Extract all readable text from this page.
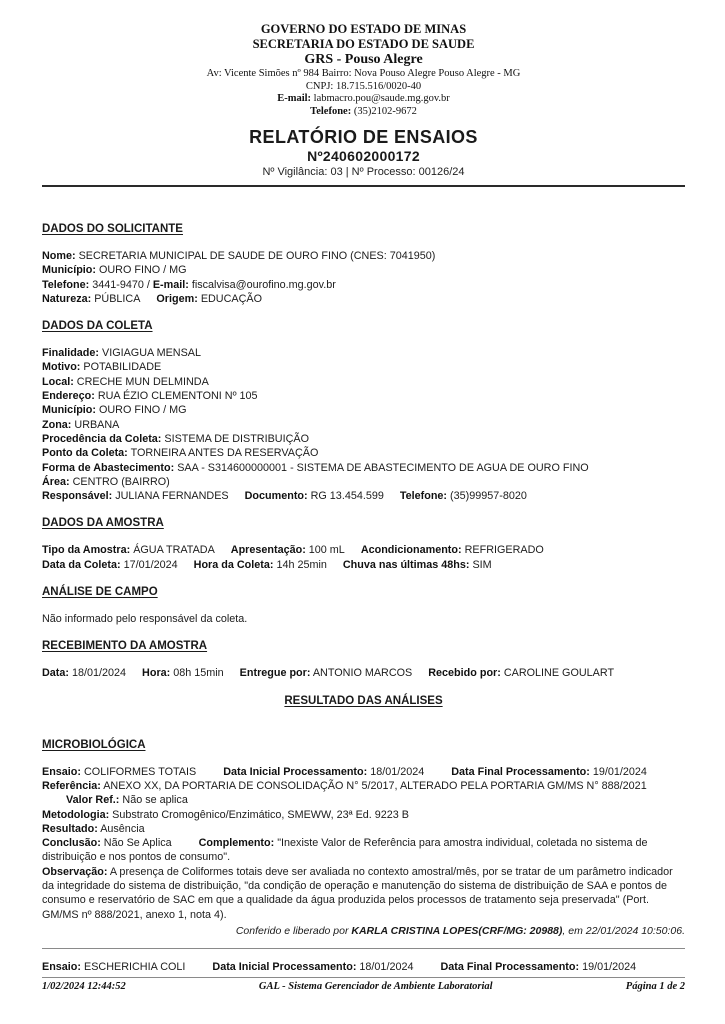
GOVERNO DO ESTADO DE MINAS
SECRETARIA DO ESTADO DE SAUDE
GRS - Pouso Alegre
Av: Vicente Simões nº 984 Bairro: Nova Pouso Alegre Pouso Alegre - MG
CNPJ: 18.715.516/0020-40
E-mail: labmacro.pou@saude.mg.gov.br
Telefone: (35)2102-9672
RELATÓRIO DE ENSAIOS
Nº240602000172
Nº Vigilância: 03 | Nº Processo: 00126/24
DADOS DO SOLICITANTE

Nome: SECRETARIA MUNICIPAL DE SAUDE DE OURO FINO (CNES: 7041950)

Município: OURO FINO / MG

Telefone: 3441-9470 / E-mail: fiscalvisa@ourofino.mg.gov.br

Natureza: PÚBLICA Origem: EDUCAÇÃO

DADOS DA COLETA

Finalidade: VIGIAGUA MENSAL

Motivo: POTABILIDADE

Local: CRECHE MUN DELMINDA

Endereço: RUA ÉZIO CLEMENTONI Nº 105

Município: OURO FINO / MG

Zona: URBANA

Procedência da Coleta: SISTEMA DE DISTRIBUIÇÃO

Ponto da Coleta: TORNEIRA ANTES DA RESERVAÇÃO

Forma de Abastecimento: SAA - S314600000001 - SISTEMA DE ABASTECIMENTO DE AGUA DE OURO FINO

Área: CENTRO (BAIRRO)

Responsável: JULIANA FERNANDES Documento: RG 13.454.599 Telefone: (35)99957-8020

DADOS DA AMOSTRA

Tipo da Amostra: ÁGUA TRATADA Apresentação: 100 mL Acondicionamento: REFRIGERADO

Data da Coleta: 17/01/2024 Hora da Coleta: 14h 25min Chuva nas últimas 48hs: SIM

ANÁLISE DE CAMPO

Não informado pelo responsável da coleta.

RECEBIMENTO DA AMOSTRA

Data: 18/01/2024 Hora: 08h 15min Entregue por: ANTONIO MARCOS Recebido por: CAROLINE GOULART

RESULTADO DAS ANÁLISES
MICROBIOLÓGICA

Ensaio: COLIFORMES TOTAIS	Data Inicial Processamento: 18/01/2024	Data Final Processamento: 19/01/2024

Referência: ANEXO XX, DA PORTARIA DE CONSOLIDAÇÃO N° 5/2017, ALTERADO PELA PORTARIA GM/MS N° 888/2021 Valor Ref.: Não se aplica

Metodologia: Substrato Cromogênico/Enzimático, SMEWW, 23ª Ed. 9223 B

Resultado: Ausência

Conclusão: Não Se Aplica	Complemento: "Inexiste Valor de Referência para amostra individual, coletada no sistema de distribuição e nos pontos de consumo".

Observação: A presença de Coliformes totais deve ser avaliada no contexto amostral/mês, por se tratar de um parâmetro indicador da integridade do sistema de distribuição, "da condição de operação e manutenção do sistema de distribuição de SAA e pontos de consumo e reservatório de SAC em que a qualidade da água produzida pelos processos de tratamento seja preservada" (Port. GM/MS nº 888/2021, anexo 1, nota 4).

Conferido e liberado por KARLA CRISTINA LOPES(CRF/MG: 20988), em 22/01/2024 10:50:06.

Ensaio: ESCHERICHIA COLI	Data Inicial Processamento: 18/01/2024	Data Final Processamento: 19/01/2024

1/02/2024 12:44:52	GAL - Sistema Gerenciador de Ambiente Laboratorial	Página 1 de 2
